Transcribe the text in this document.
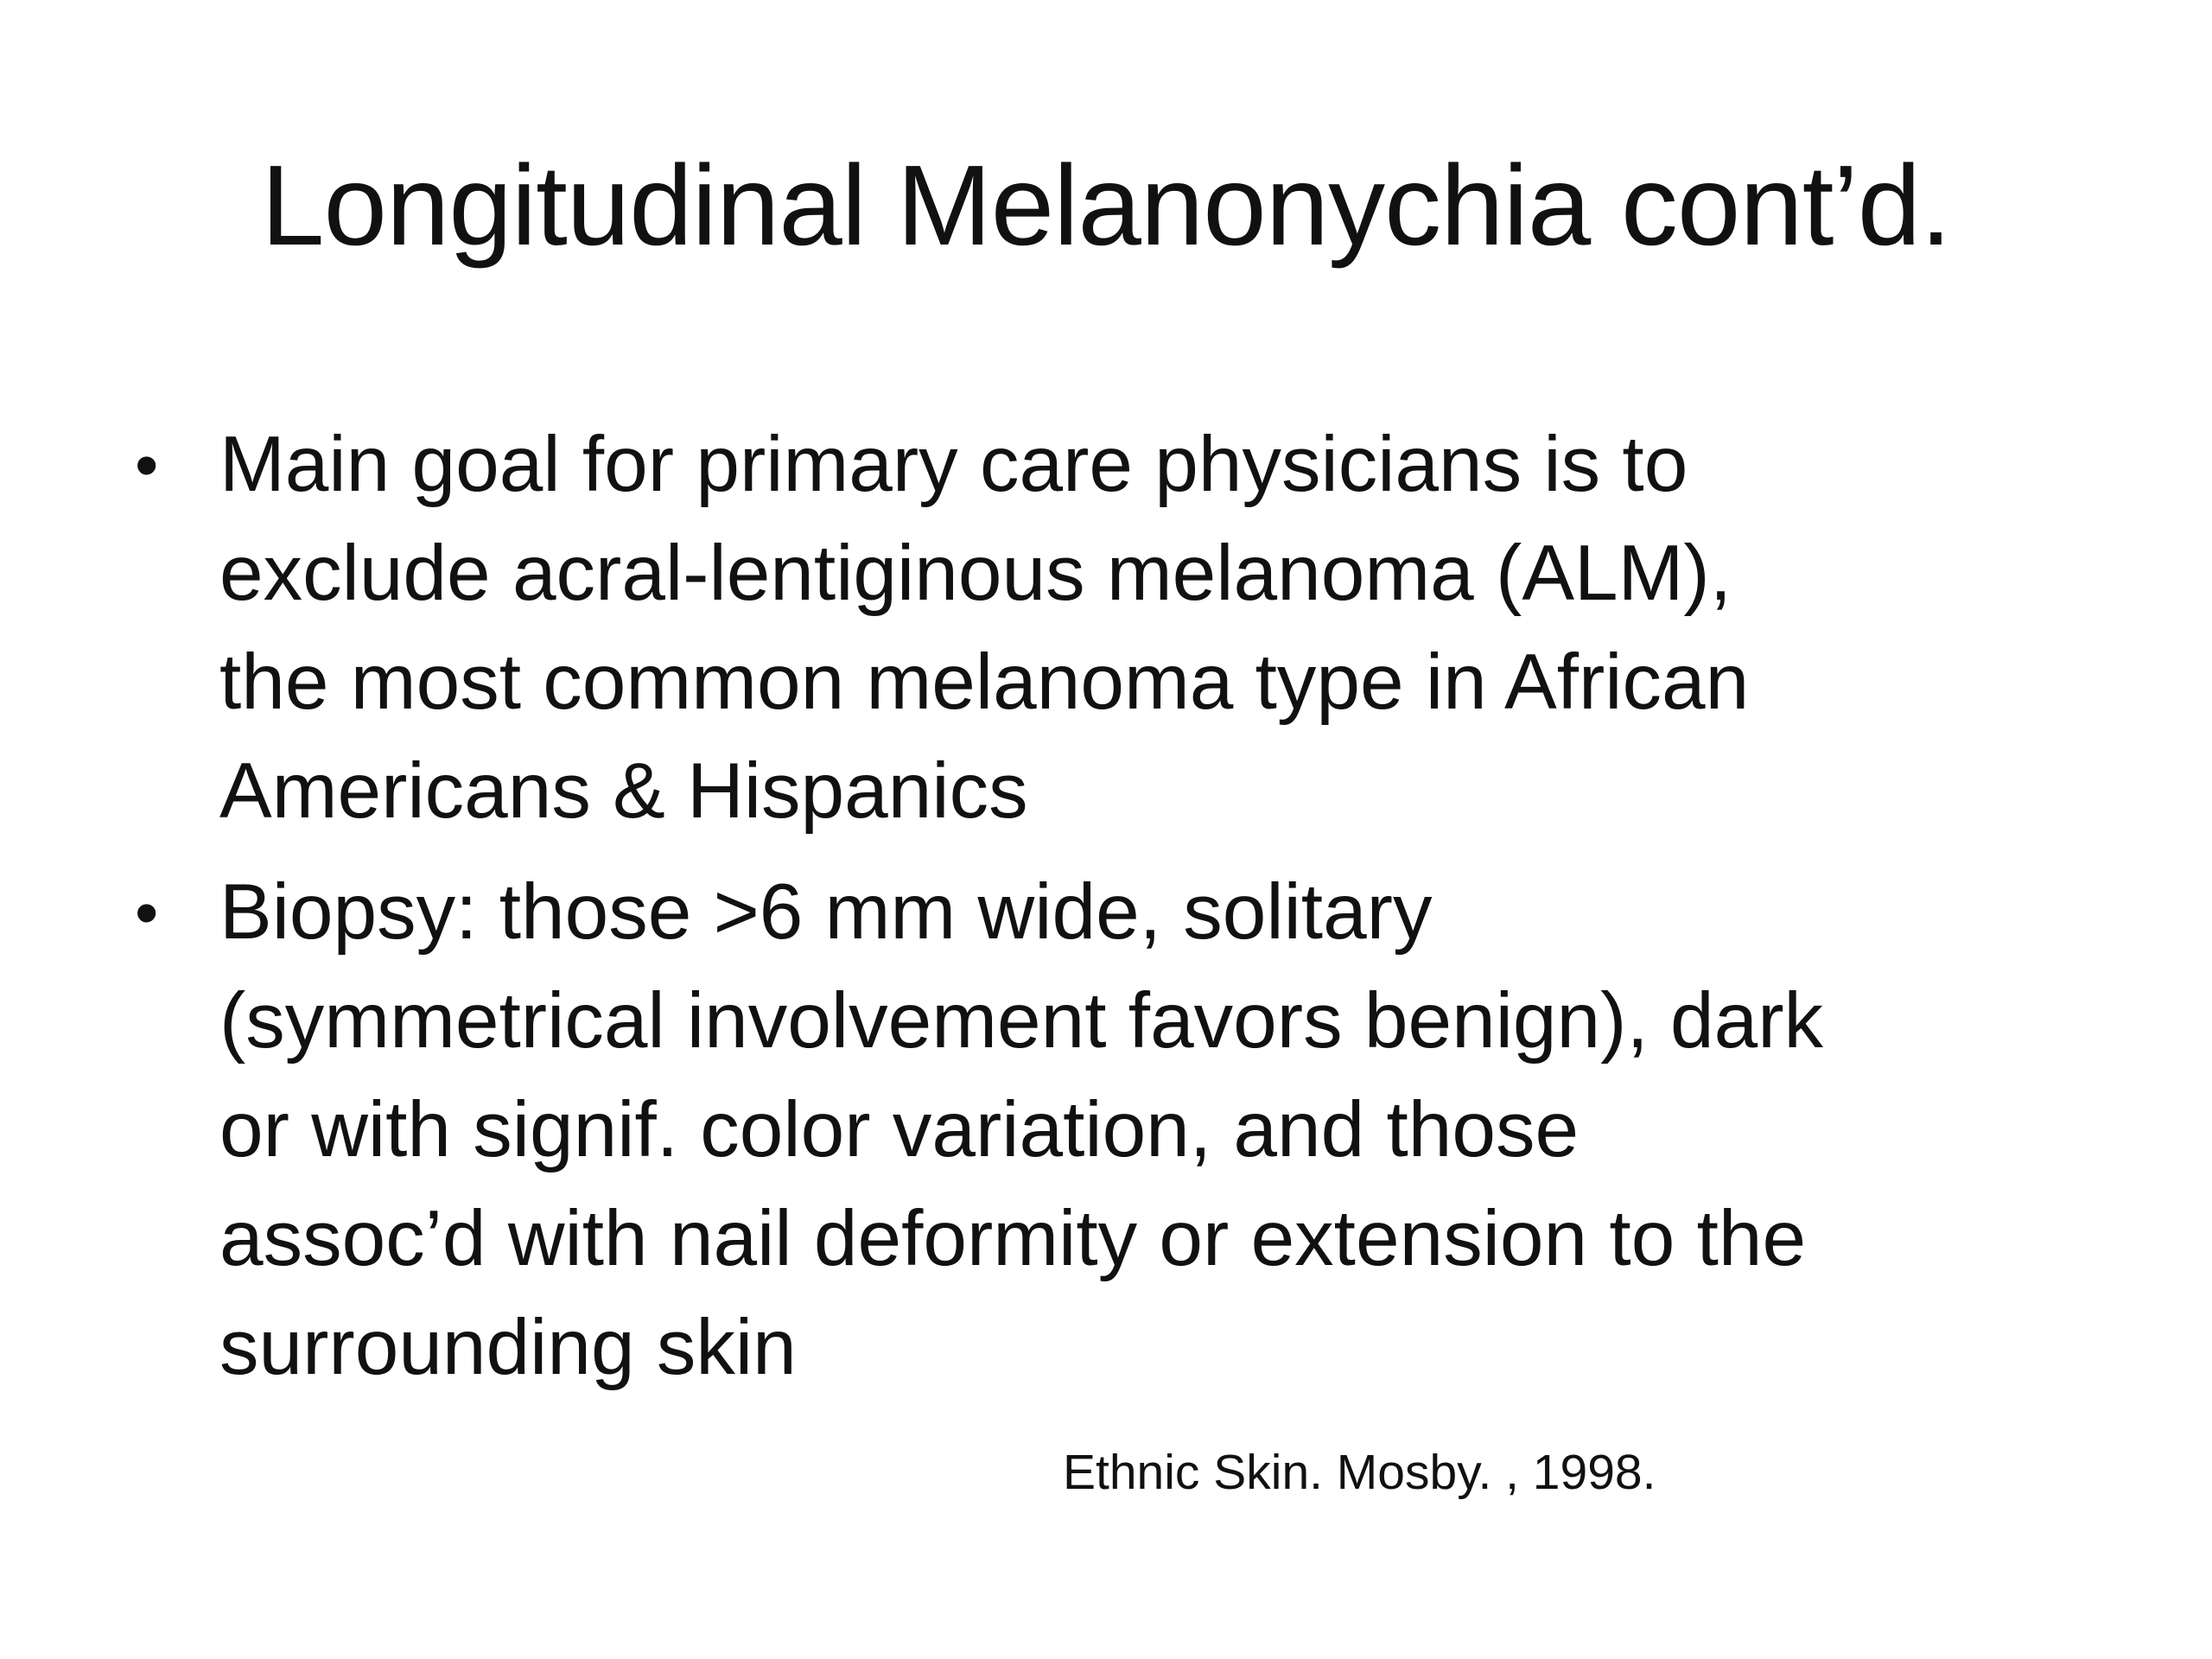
Longitudinal Melanonychia cont’d.
• Main goal for primary care physicians is to
exclude acral-lentiginous melanoma (ALM),
the most common melanoma type in African
Americans & Hispanics
• Biopsy: those >6 mm wide, solitary
(symmetrical involvement favors benign), dark
or with signif. color variation, and those
assoc’d with nail deformity or extension to the
surrounding skin
Ethnic Skin. Mosby. , 1998.
